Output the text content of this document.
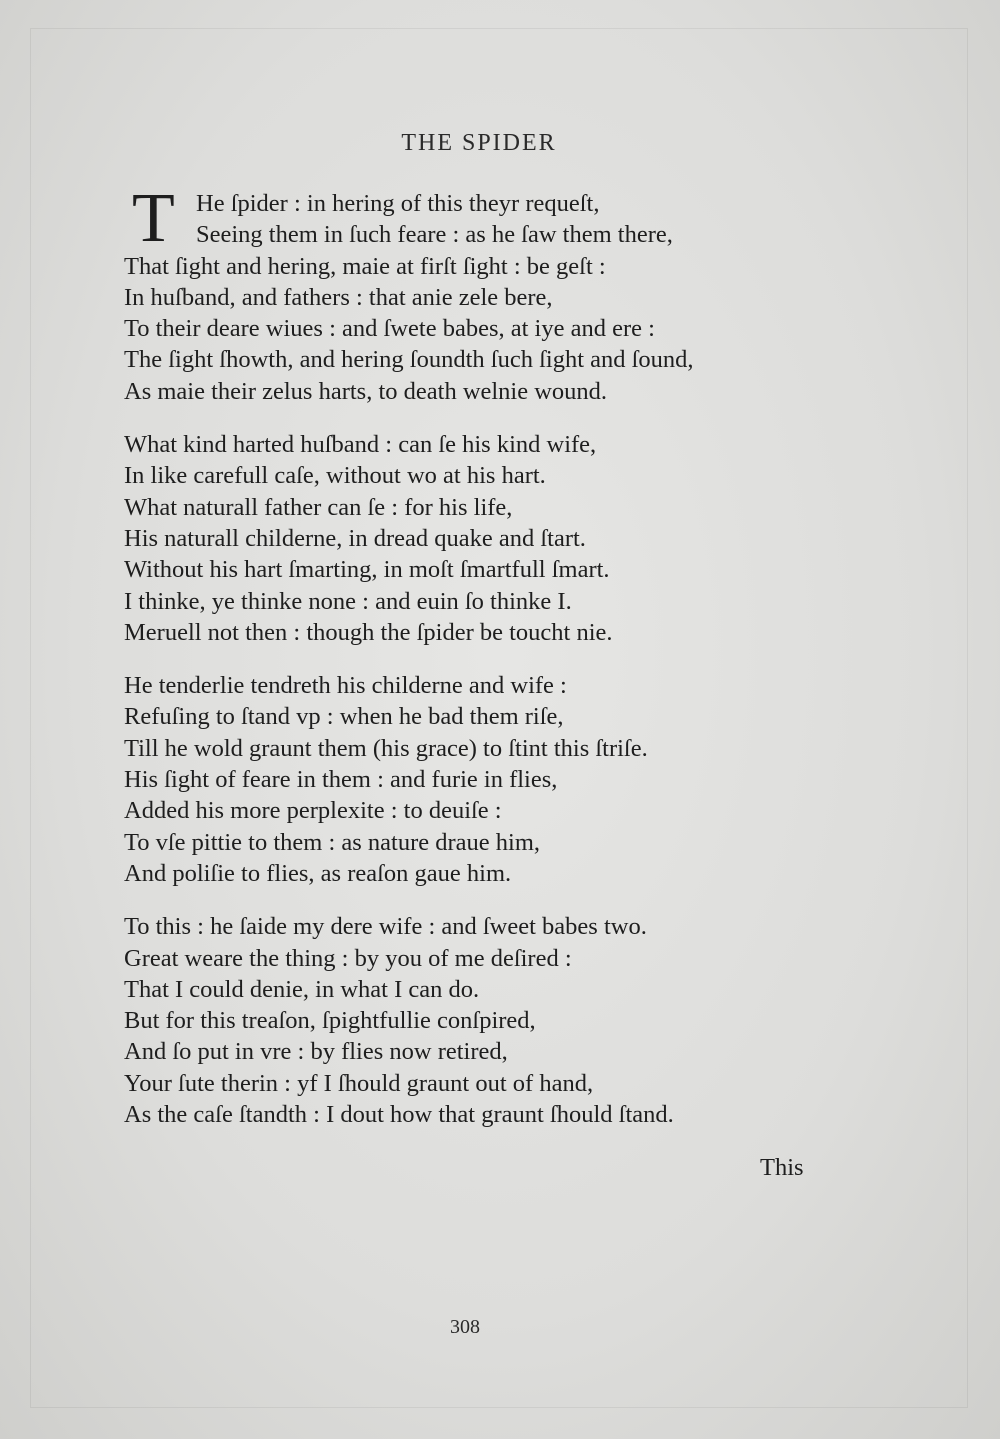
THE SPIDER
T He ſpider : in hering of this theyr requeſt,
Seeing them in ſuch feare : as he ſaw them there,
That ſight and hering, maie at firſt ſight : be geſt :
In huſband, and fathers : that anie zele bere,
To their deare wiues : and ſwete babes, at iye and ere :
The ſight ſhowth, and hering ſoundth ſuch ſight and ſound,
As maie their zelus harts, to death welnie wound.
What kind harted huſband : can ſe his kind wife,
In like carefull caſe, without wo at his hart.
What naturall father can ſe : for his life,
His naturall childerne, in dread quake and ſtart.
Without his hart ſmarting, in moſt ſmartfull ſmart.
I thinke, ye thinke none : and euin ſo thinke I.
Meruell not then : though the ſpider be toucht nie.
He tenderlie tendreth his childerne and wife :
Refuſing to ſtand vp : when he bad them riſe,
Till he wold graunt them (his grace) to ſtint this ſtriſe.
His ſight of feare in them : and furie in flies,
Added his more perplexite : to deuiſe :
To vſe pittie to them : as nature draue him,
And poliſie to flies, as reaſon gaue him.
To this : he ſaide my dere wife : and ſweet babes two.
Great weare the thing : by you of me deſired :
That I could denie, in what I can do.
But for this treaſon, ſpightfullie conſpired,
And ſo put in vre : by flies now retired,
Your ſute therin : yf I ſhould graunt out of hand,
As the caſe ſtandth : I dout how that graunt ſhould ſtand.
This
308
